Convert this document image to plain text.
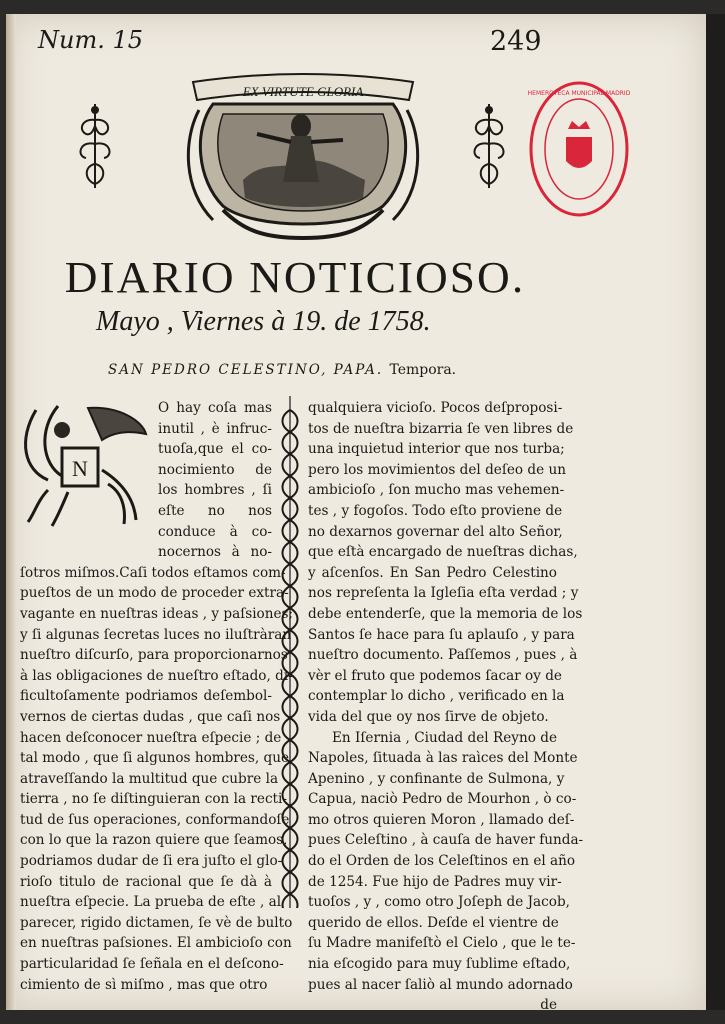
Num. 15	249
EX VIRTUTE GLORIA	HEMEROTECA MUNICIPAL MADRID
DIARIO NOTICIOSO.
Mayo , Viernes à 19. de 1758.
SAN PEDRO CELESTINO, PAPA. Tempora.
N
O hay coſa mas
inutil , è infruc-
tuoſa,que el co-
nocimiento de
los hombres , ſi
eſte no nos
conduce à co-
nocernos à no-
ſotros miſmos.Caſi todos eſtamos com-
pueſtos de un modo de proceder extra-
vagante en nueſtras ideas , y paſsiones;
y ſi algunas ſecretas luces no iluſtràran
nueſtro diſcurſo, para proporcionarnos
à las obligaciones de nueſtro eſtado, di-
ficultoſamente podriamos deſembol-
vernos de ciertas dudas , que caſi nos
hacen deſconocer nueſtra eſpecie ; de
tal modo , que ſi algunos hombres, que
atraveſſando la multitud que cubre la
tierra , no ſe diſtinguieran con la recti-
tud de ſus operaciones, conformandoſe
con lo que la razon quiere que ſeamos,
podriamos dudar de ſi era juſto el glo-
rioſo titulo de racional que ſe dà à
nueſtra eſpecie. La prueba de eſte , al
parecer, rigido dictamen, ſe vè de bulto
en nueſtras paſsiones. El ambicioſo con
particularidad ſe ſeñala en el deſcono-
cimiento de sì miſmo , mas que otro
qualquiera vicioſo. Pocos deſproposi-
tos de nueſtra bizarria ſe ven libres de
una inquietud interior que nos turba;
pero los movimientos del deſeo de un
ambicioſo , ſon mucho mas vehemen-
tes , y fogoſos. Todo eſto proviene de
no dexarnos governar del alto Señor,
que eſtà encargado de nueſtras dichas,
y aſcenſos. En San Pedro Celestino
nos repreſenta la Igleſia eſta verdad ; y
debe entenderſe, que la memoria de los
Santos ſe hace para ſu aplauſo , y para
nueſtro documento. Paſſemos , pues , à
vèr el fruto que podemos ſacar oy de
contemplar lo dicho , verificado en la
vida del que oy nos ſirve de objeto.
En Iſernia , Ciudad del Reyno de
Napoles, ſituada à las raìces del Monte
Apenino , y confinante de Sulmona, y
Capua, naciò Pedro de Mourhon , ò co-
mo otros quieren Moron , llamado deſ-
pues Celeſtino , à cauſa de haver funda-
do el Orden de los Celeſtinos en el año
de 1254. Fue hijo de Padres muy vir-
tuoſos , y , como otro Joſeph de Jacob,
querido de ellos. Deſde el vientre de
ſu Madre manifeſtò el Cielo , que le te-
nia eſcogido para muy ſublime eſtado,
pues al nacer ſaliò al mundo adornado
de
